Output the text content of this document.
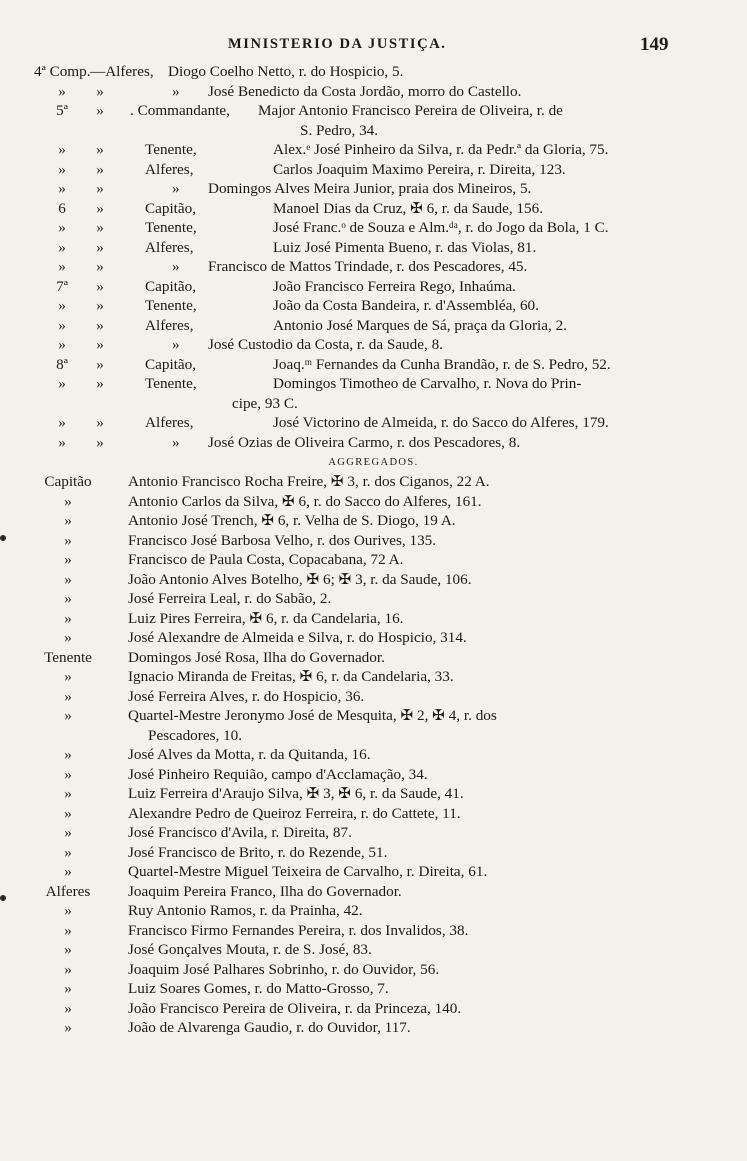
MINISTERIO DA JUSTIÇA.	149
4ª Comp. —Alferes, Diogo Coelho Netto, r. do Hospicio, 5.
»	»	» José Benedicto da Costa Jordão, morro do Castello.
5ª	»	. Commandante, Major Antonio Francisco Pereira de Oliveira, r. de
S. Pedro, 34.
»	»	Tenente,	Alex.ᵉ José Pinheiro da Silva, r. da Pedr.ª da Gloria, 75.
»	»	Alferes,	Carlos Joaquim Maximo Pereira, r. Direita, 123.
»	»	» Domingos Alves Meira Junior, praia dos Mineiros, 5.
6	»	Capitão,	Manoel Dias da Cruz, ✠ 6, r. da Saude, 156.
»	»	Tenente,	José Franc.ᵒ de Souza e Alm.ᵈᵃ, r. do Jogo da Bola, 1 C.
»	»	Alferes,	Luiz José Pimenta Bueno, r. das Violas, 81.
»	»	» Francisco de Mattos Trindade, r. dos Pescadores, 45.
7ª	»	Capitão,	João Francisco Ferreira Rego, Inhaúma.
»	»	Tenente,	João da Costa Bandeira, r. d'Assembléa, 60.
»	»	Alferes,	Antonio José Marques de Sá, praça da Gloria, 2.
»	»	» José Custodio da Costa, r. da Saude, 8.
8ª	»	Capitão,	Joaq.ᵐ Fernandes da Cunha Brandão, r. de S. Pedro, 52.
»	»	Tenente,	Domingos Timotheo de Carvalho, r. Nova do Prin-
cipe, 93 C.
»	»	Alferes,	José Victorino de Almeida, r. do Sacco do Alferes, 179.
»	»	» José Ozias de Oliveira Carmo, r. dos Pescadores, 8.
AGGREGADOS.
Capitão	Antonio Francisco Rocha Freire, ✠ 3, r. dos Ciganos, 22 A.
»	Antonio Carlos da Silva, ✠ 6, r. do Sacco do Alferes, 161.
»	Antonio José Trench, ✠ 6, r. Velha de S. Diogo, 19 A.
»	Francisco José Barbosa Velho, r. dos Ourives, 135.
»	Francisco de Paula Costa, Copacabana, 72 A.
»	João Antonio Alves Botelho, ✠ 6; ✠ 3, r. da Saude, 106.
»	José Ferreira Leal, r. do Sabão, 2.
»	Luiz Pires Ferreira, ✠ 6, r. da Candelaria, 16.
»	José Alexandre de Almeida e Silva, r. do Hospicio, 314.
Tenente	Domingos José Rosa, Ilha do Governador.
»	Ignacio Miranda de Freitas, ✠ 6, r. da Candelaria, 33.
»	José Ferreira Alves, r. do Hospicio, 36.
»	Quartel-Mestre Jeronymo José de Mesquita, ✠ 2, ✠ 4, r. dos
Pescadores, 10.
»	José Alves da Motta, r. da Quitanda, 16.
»	José Pinheiro Requião, campo d'Acclamação, 34.
»	Luiz Ferreira d'Araujo Silva, ✠ 3, ✠ 6, r. da Saude, 41.
»	Alexandre Pedro de Queiroz Ferreira, r. do Cattete, 11.
»	José Francisco d'Avila, r. Direita, 87.
»	José Francisco de Brito, r. do Rezende, 51.
»	Quartel-Mestre Miguel Teixeira de Carvalho, r. Direita, 61.
Alferes	Joaquim Pereira Franco, Ilha do Governador.
»	Ruy Antonio Ramos, r. da Prainha, 42.
»	Francisco Firmo Fernandes Pereira, r. dos Invalidos, 38.
»	José Gonçalves Mouta, r. de S. José, 83.
»	Joaquim José Palhares Sobrinho, r. do Ouvidor, 56.
»	Luiz Soares Gomes, r. do Matto-Grosso, 7.
»	João Francisco Pereira de Oliveira, r. da Princeza, 140.
»	João de Alvarenga Gaudio, r. do Ouvidor, 117.
